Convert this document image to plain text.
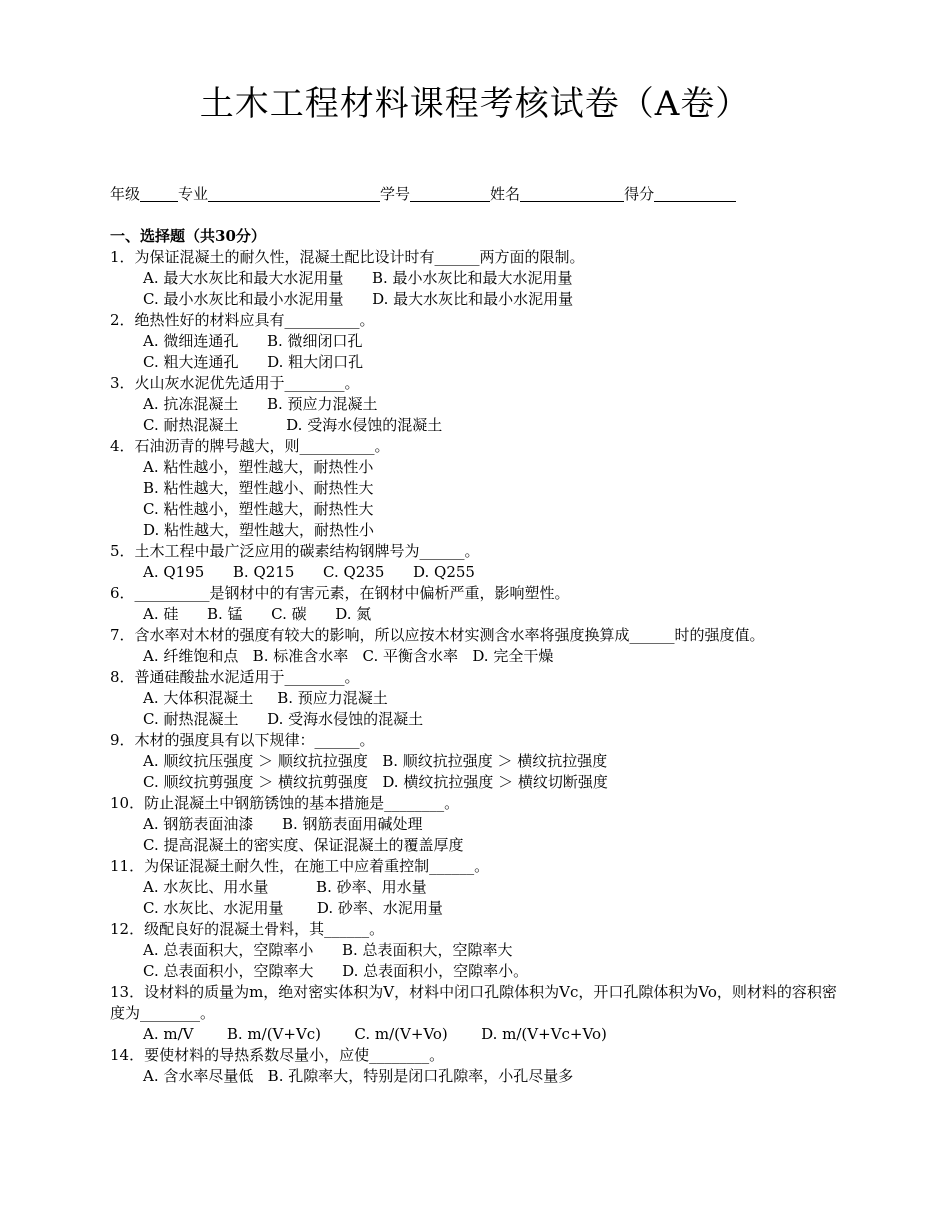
土木工程材料课程考核试卷（A卷）
年级	专业	学号	姓名	得分
一、选择题（共30分）
1．为保证混凝土的耐久性，混凝土配比设计时有______两方面的限制。
A. 最大水灰比和最大水泥用量      B. 最小水灰比和最大水泥用量
C. 最小水灰比和最小水泥用量      D. 最大水灰比和最小水泥用量
2．绝热性好的材料应具有__________。
A. 微细连通孔      B. 微细闭口孔
C. 粗大连通孔      D. 粗大闭口孔
3．火山灰水泥优先适用于________。
A. 抗冻混凝土      B. 预应力混凝土
C. 耐热混凝土          D. 受海水侵蚀的混凝土
4．石油沥青的牌号越大，则__________。
A. 粘性越小，塑性越大，耐热性小
B. 粘性越大，塑性越小、耐热性大
C. 粘性越小，塑性越大，耐热性大
D. 粘性越大，塑性越大，耐热性小
5．土木工程中最广泛应用的碳素结构钢牌号为______。
A. Q195      B. Q215      C. Q235      D. Q255
6．__________是钢材中的有害元素，在钢材中偏析严重，影响塑性。
A. 硅      B. 锰      C. 碳      D. 氮
7．含水率对木材的强度有较大的影响，所以应按木材实测含水率将强度换算成______时的强度值。
A. 纤维饱和点   B. 标准含水率   C. 平衡含水率   D. 完全干燥
8．普通硅酸盐水泥适用于________。
A. 大体积混凝土     B. 预应力混凝土
C. 耐热混凝土      D. 受海水侵蚀的混凝土
9．木材的强度具有以下规律：______。
A. 顺纹抗压强度 ＞ 顺纹抗拉强度   B. 顺纹抗拉强度 ＞ 横纹抗拉强度
C. 顺纹抗剪强度 ＞ 横纹抗剪强度   D. 横纹抗拉强度 ＞ 横纹切断强度
10．防止混凝土中钢筋锈蚀的基本措施是________。
A. 钢筋表面油漆      B. 钢筋表面用碱处理
C. 提高混凝土的密实度、保证混凝土的覆盖厚度
11．为保证混凝土耐久性，在施工中应着重控制______。
A. 水灰比、用水量          B. 砂率、用水量
C. 水灰比、水泥用量       D. 砂率、水泥用量
12．级配良好的混凝土骨料，其______。
A. 总表面积大，空隙率小      B. 总表面积大，空隙率大
C. 总表面积小，空隙率大      D. 总表面积小，空隙率小。
13．设材料的质量为m，绝对密实体积为V，材料中闭口孔隙体积为Vc，开口孔隙体积为Vo，则材料的容积密度为________。
A. m/V       B. m/(V+Vc)       C. m/(V+Vo)       D. m/(V+Vc+Vo)
14．要使材料的导热系数尽量小，应使________。
A. 含水率尽量低   B. 孔隙率大，特别是闭口孔隙率，小孔尽量多
